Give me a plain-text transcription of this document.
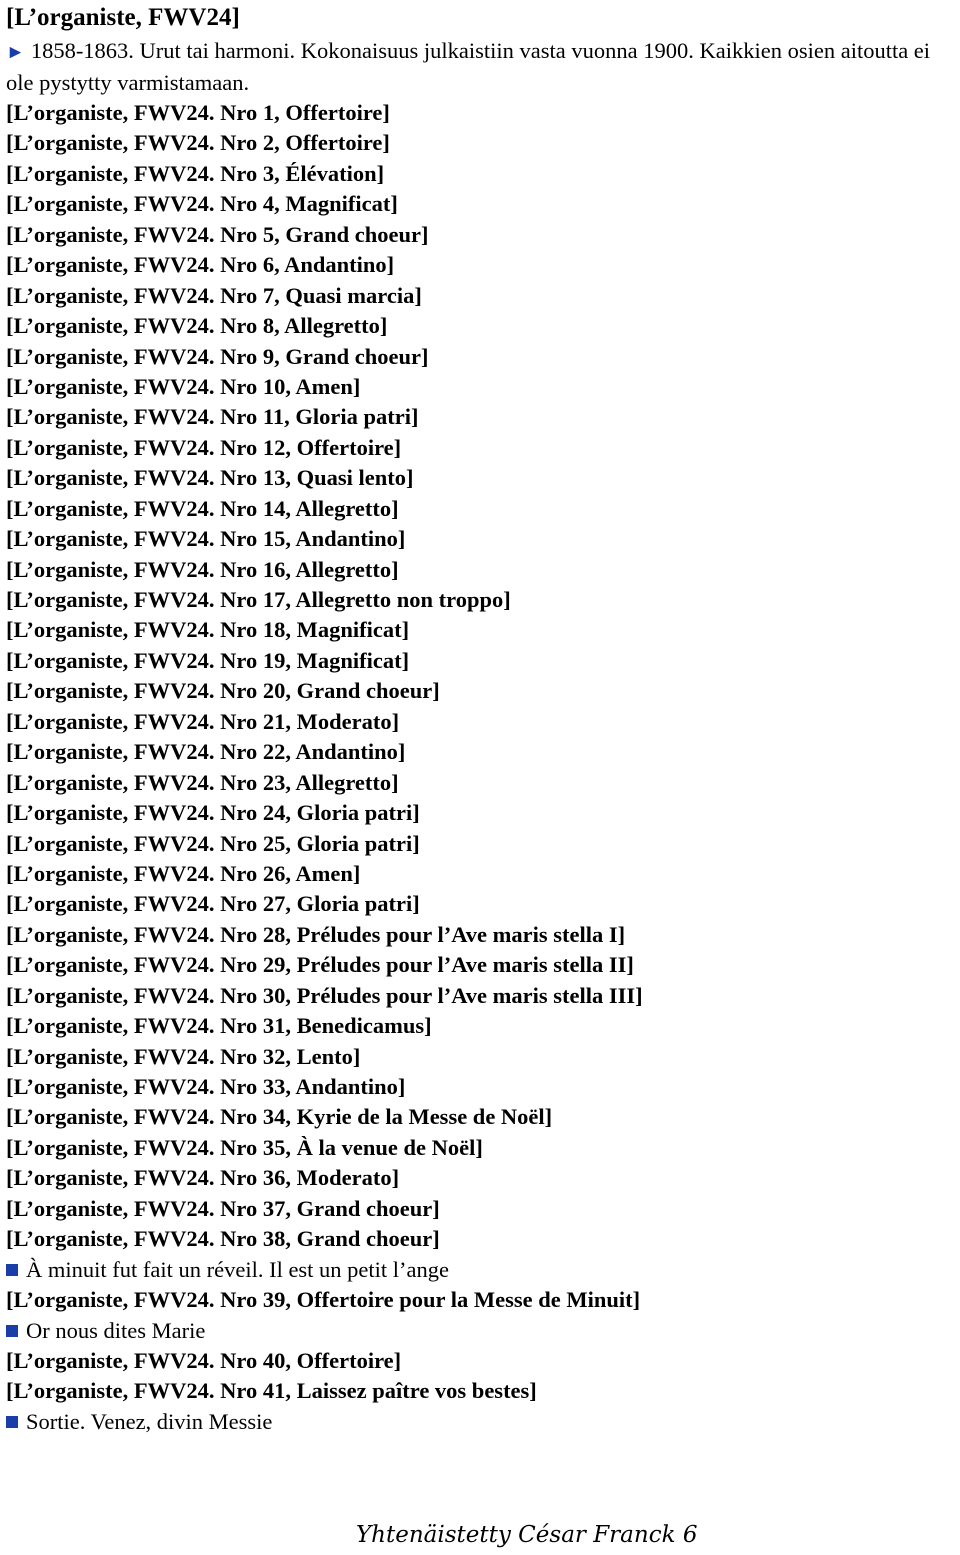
[L’organiste, FWV24]

► 1858-1863. Urut tai harmoni. Kokonaisuus julkaistiin vasta vuonna 1900. Kaikkien osien aitoutta ei ole pystytty varmistamaan.

[L’organiste, FWV24. Nro 1, Offertoire]
[L’organiste, FWV24. Nro 2, Offertoire]
[L’organiste, FWV24. Nro 3, Élévation]
[L’organiste, FWV24. Nro 4, Magnificat]
[L’organiste, FWV24. Nro 5, Grand choeur]
[L’organiste, FWV24. Nro 6, Andantino]
[L’organiste, FWV24. Nro 7, Quasi marcia]
[L’organiste, FWV24. Nro 8, Allegretto]
[L’organiste, FWV24. Nro 9, Grand choeur]
[L’organiste, FWV24. Nro 10, Amen]
[L’organiste, FWV24. Nro 11, Gloria patri]
[L’organiste, FWV24. Nro 12, Offertoire]
[L’organiste, FWV24. Nro 13, Quasi lento]
[L’organiste, FWV24. Nro 14, Allegretto]
[L’organiste, FWV24. Nro 15, Andantino]
[L’organiste, FWV24. Nro 16, Allegretto]
[L’organiste, FWV24. Nro 17, Allegretto non troppo]
[L’organiste, FWV24. Nro 18, Magnificat]
[L’organiste, FWV24. Nro 19, Magnificat]
[L’organiste, FWV24. Nro 20, Grand choeur]
[L’organiste, FWV24. Nro 21, Moderato]
[L’organiste, FWV24. Nro 22, Andantino]
[L’organiste, FWV24. Nro 23, Allegretto]
[L’organiste, FWV24. Nro 24, Gloria patri]
[L’organiste, FWV24. Nro 25, Gloria patri]
[L’organiste, FWV24. Nro 26, Amen]
[L’organiste, FWV24. Nro 27, Gloria patri]
[L’organiste, FWV24. Nro 28, Préludes pour l’Ave maris stella I]
[L’organiste, FWV24. Nro 29, Préludes pour l’Ave maris stella II]
[L’organiste, FWV24. Nro 30, Préludes pour l’Ave maris stella III]
[L’organiste, FWV24. Nro 31, Benedicamus]
[L’organiste, FWV24. Nro 32, Lento]
[L’organiste, FWV24. Nro 33, Andantino]
[L’organiste, FWV24. Nro 34, Kyrie de la Messe de Noël]
[L’organiste, FWV24. Nro 35, À la venue de Noël]
[L’organiste, FWV24. Nro 36, Moderato]
[L’organiste, FWV24. Nro 37, Grand choeur]
[L’organiste, FWV24. Nro 38, Grand choeur]
À minuit fut fait un réveil. Il est un petit l’ange
[L’organiste, FWV24. Nro 39, Offertoire pour la Messe de Minuit]
Or nous dites Marie
[L’organiste, FWV24. Nro 40, Offertoire]
[L’organiste, FWV24. Nro 41, Laissez paître vos bestes]
Sortie. Venez, divin Messie
Yhtenäistetty César Franck 6
